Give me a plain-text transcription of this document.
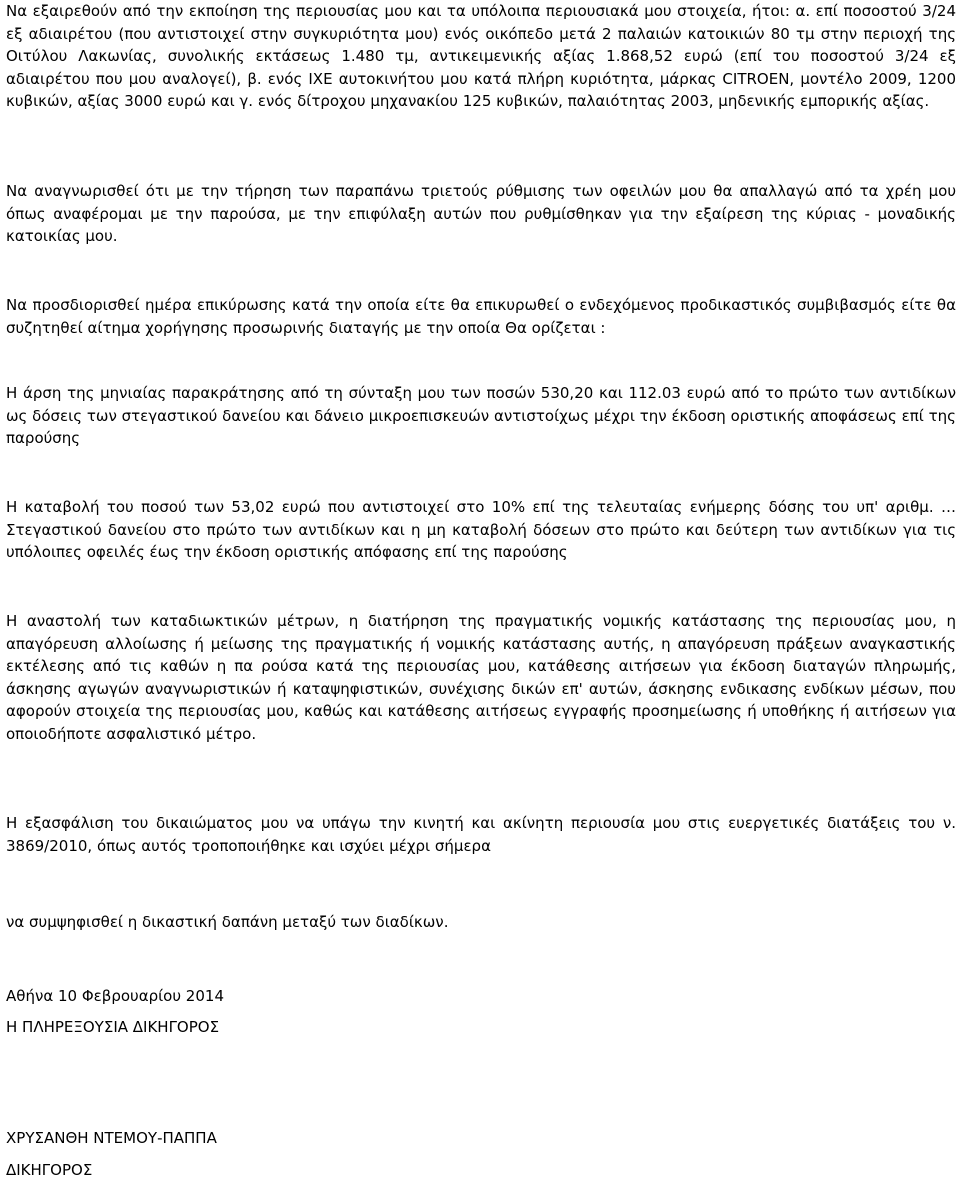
Να εξαιρεθούν από την εκποίηση της περιουσίας μου και τα υπόλοιπα περιουσιακά μου στοιχεία, ήτοι: α. επί ποσοστού 3/24 εξ αδιαιρέτου (που αντιστοιχεί στην συγκυριότητα μου) ενός οικόπεδο μετά 2 παλαιών κατοικιών 80 τμ στην περιοχή της Οιτύλου Λακωνίας, συνολικής εκτάσεως 1.480 τμ, αντικειμενικής αξίας 1.868,52 ευρώ (επί του ποσοστού 3/24 εξ αδιαιρέτου που μου αναλογεί), β. ενός ΙΧΕ αυτοκινήτου μου κατά πλήρη κυριότητα, μάρκας CITROEN, μοντέλο 2009, 1200 κυβικών, αξίας 3000 ευρώ και γ. ενός δίτροχου μηχανακίου 125 κυβικών, παλαιότητας 2003, μηδενικής εμπορικής αξίας.

Να αναγνωρισθεί ότι με την τήρηση των παραπάνω τριετούς ρύθμισης των οφειλών μου θα απαλλαγώ από τα χρέη μου όπως αναφέρομαι με την παρούσα, με την επιφύλαξη αυτών που ρυθμίσθηκαν για την εξαίρεση της κύριας - μοναδικής κατοικίας μου.

Να προσδιορισθεί ημέρα επικύρωσης κατά την οποία είτε θα επικυρωθεί ο ενδεχόμενος προδικαστικός συμβιβασμός είτε θα συζητηθεί αίτημα χορήγησης προσωρινής διαταγής με την οποία Θα ορίζεται :

Η άρση της μηνιαίας παρακράτησης από τη σύνταξη μου των ποσών 530,20 και 112.03 ευρώ από το πρώτο των αντιδίκων ως δόσεις των στεγαστικού δανείου και δάνειο μικροεπισκευών αντιστοίχως μέχρι την έκδοση οριστικής αποφάσεως επί της παρούσης

Η καταβολή του ποσού των 53,02 ευρώ που αντιστοιχεί στο 10% επί της τελευταίας ενήμερης δόσης του υπ' αριθμ. … Στεγαστικού δανείου στο πρώτο των αντιδίκων και η μη καταβολή δόσεων στο πρώτο και δεύτερη των αντιδίκων για τις υπόλοιπες οφειλές έως την έκδοση οριστικής απόφασης επί της παρούσης

Η αναστολή των καταδιωκτικών μέτρων, η διατήρηση της πραγματικής νομικής κατάστασης της περιουσίας μου, η απαγόρευση αλλοίωσης ή μείωσης της πραγματικής ή νομικής κατάστασης αυτής, η απαγόρευση πράξεων αναγκαστικής εκτέλεσης από τις καθών η πα ρούσα κατά της περιουσίας μου, κατάθεσης αιτήσεων για έκδοση διαταγών πληρωμής, άσκησης αγωγών αναγνωριστικών ή καταψηφιστικών, συνέχισης δικών επ' αυτών, άσκησης ενδικασης ενδίκων μέσων, που αφορούν στοιχεία της περιουσίας μου, καθώς και κατάθεσης αιτήσεως εγγραφής προσημείωσης ή υποθήκης ή αιτήσεων για οποιοδήποτε ασφαλιστικό μέτρο.

Η εξασφάλιση του δικαιώματος μου να υπάγω την κινητή και ακίνητη περιουσία μου στις ευεργετικές διατάξεις του ν. 3869/2010, όπως αυτός τροποποιήθηκε και ισχύει μέχρι σήμερα

να συμψηφισθεί η δικαστική δαπάνη μεταξύ των διαδίκων.

Αθήνα 10 Φεβρουαρίου 2014

Η ΠΛΗΡΕΞΟΥΣΙΑ ΔΙΚΗΓΟΡΟΣ

ΧΡΥΣΑΝΘΗ ΝΤΕΜΟΥ-ΠΑΠΠΑ

ΔΙΚΗΓΟΡΟΣ
